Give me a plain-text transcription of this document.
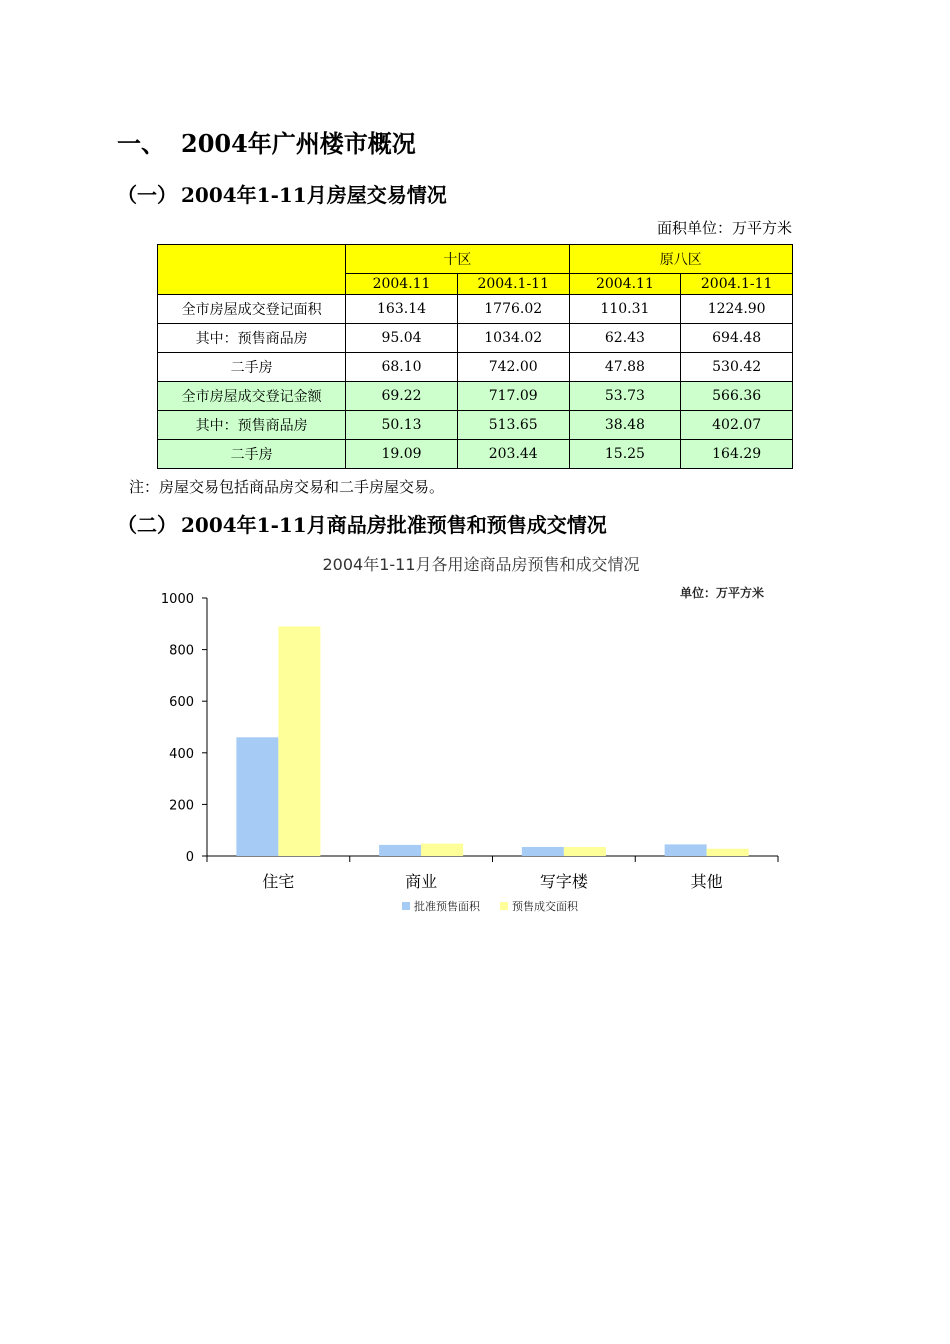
一、 2004年广州楼市概况
（一） 2004年1-11月房屋交易情况
面积单位：万平方米
	十区		原八区	
	2004.11	2004.1-11	2004.11	2004.1-11
全市房屋成交登记面积	163.14	1776.02	110.31	1224.90
其中：预售商品房	95.04	1034.02	62.43	694.48
二手房	68.10	742.00	47.88	530.42
全市房屋成交登记金额	69.22	717.09	53.73	566.36
其中：预售商品房	50.13	513.65	38.48	402.07
二手房	19.09	203.44	15.25	164.29
注：房屋交易包括商品房交易和二手房屋交易。
（二） 2004年1-11月商品房批准预售和预售成交情况
2004年1-11月各用途商品房预售和成交情况
单位：万平方米
0
200
400
600
800
1000
住宅	商业	写字楼	其他
批准预售面积	预售成交面积
